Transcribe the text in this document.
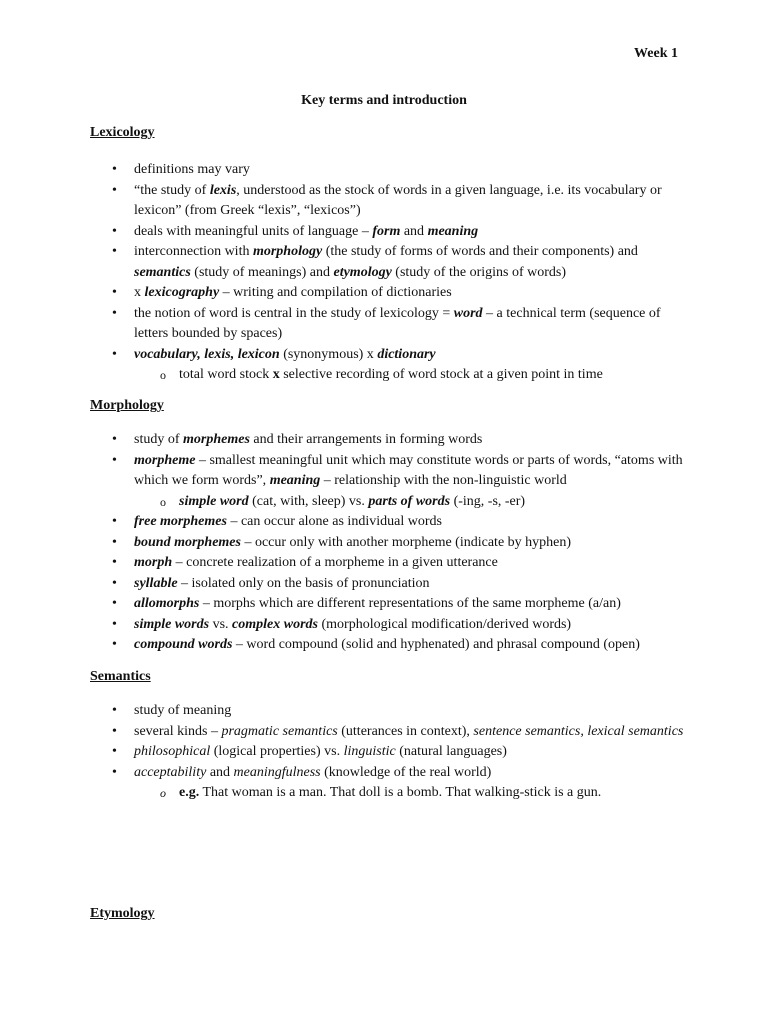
Week 1
Key terms and introduction
Lexicology
• definitions may vary
• “the study of lexis, understood as the stock of words in a given language, i.e. its vocabulary or lexicon” (from Greek “lexis”, “lexicos”)
• deals with meaningful units of language – form and meaning
• interconnection with morphology (the study of forms of words and their components) and semantics (study of meanings) and etymology (study of the origins of words)
• x lexicography – writing and compilation of dictionaries
• the notion of word is central in the study of lexicology = word – a technical term (sequence of letters bounded by spaces)
• vocabulary, lexis, lexicon (synonymous) x dictionary
o total word stock x selective recording of word stock at a given point in time
Morphology
• study of morphemes and their arrangements in forming words
• morpheme – smallest meaningful unit which may constitute words or parts of words, “atoms with which we form words”, meaning – relationship with the non-linguistic world
o simple word (cat, with, sleep) vs. parts of words (-ing, -s, -er)
• free morphemes – can occur alone as individual words
• bound morphemes – occur only with another morpheme (indicate by hyphen)
• morph – concrete realization of a morpheme in a given utterance
• syllable – isolated only on the basis of pronunciation
• allomorphs – morphs which are different representations of the same morpheme (a/an)
• simple words vs. complex words (morphological modification/derived words)
• compound words – word compound (solid and hyphenated) and phrasal compound (open)
Semantics
• study of meaning
• several kinds – pragmatic semantics (utterances in context), sentence semantics, lexical semantics
• philosophical (logical properties) vs. linguistic (natural languages)
• acceptability and meaningfulness (knowledge of the real world)
o e.g. That woman is a man. That doll is a bomb. That walking-stick is a gun.
Etymology
